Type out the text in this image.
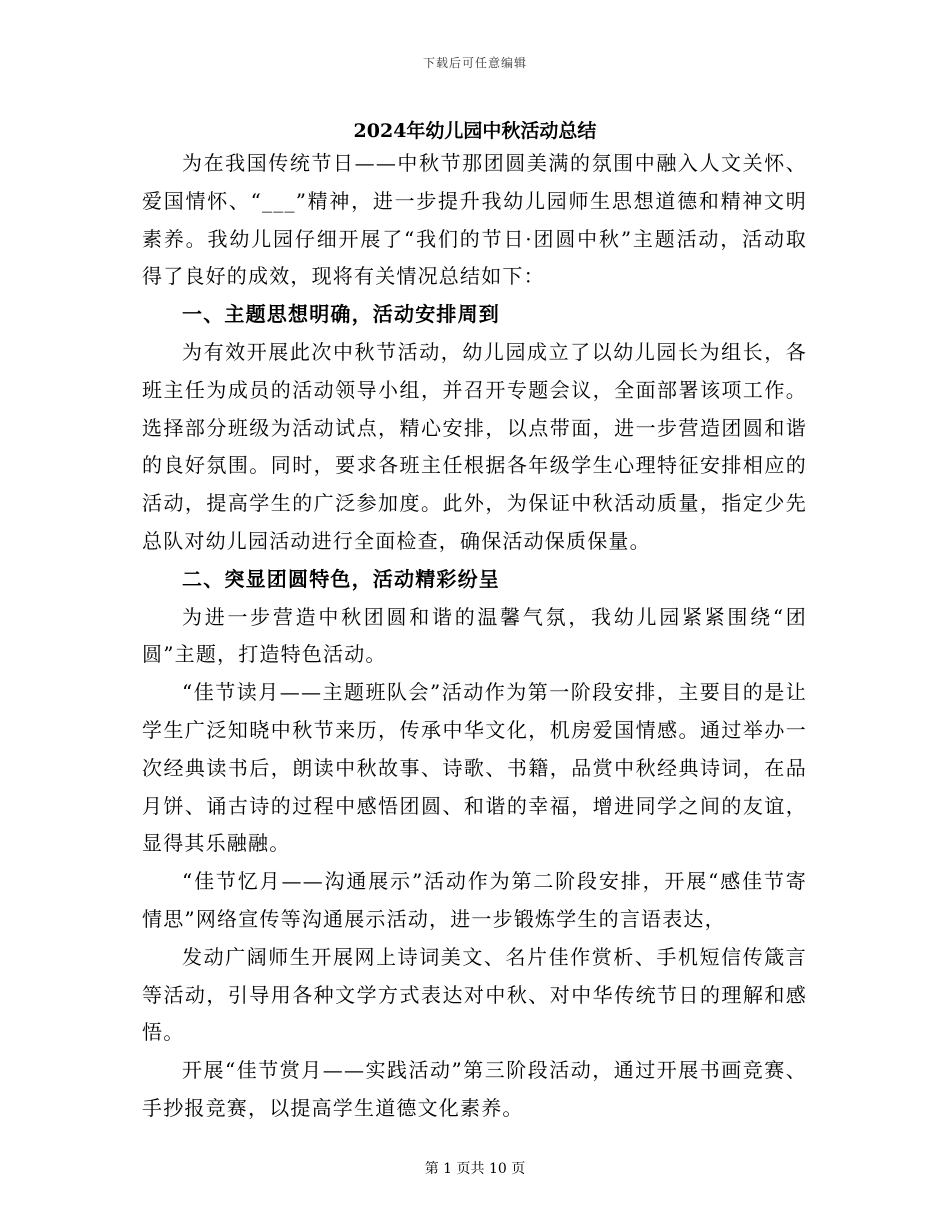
下载后可任意编辑
2024年幼儿园中秋活动总结

为在我国传统节日——中秋节那团圆美满的氛围中融入人文关怀、爱国情怀、“___”精神，进一步提升我幼儿园师生思想道德和精神文明素养。我幼儿园仔细开展了“我们的节日·团圆中秋”主题活动，活动取得了良好的成效，现将有关情况总结如下：

一、主题思想明确，活动安排周到

为有效开展此次中秋节活动，幼儿园成立了以幼儿园长为组长，各班主任为成员的活动领导小组，并召开专题会议，全面部署该项工作。选择部分班级为活动试点，精心安排，以点带面，进一步营造团圆和谐的良好氛围。同时，要求各班主任根据各年级学生心理特征安排相应的活动，提高学生的广泛参加度。此外，为保证中秋活动质量，指定少先总队对幼儿园活动进行全面检查，确保活动保质保量。

二、突显团圆特色，活动精彩纷呈

为进一步营造中秋团圆和谐的温馨气氛，我幼儿园紧紧围绕“团圆”主题，打造特色活动。

“佳节读月——主题班队会”活动作为第一阶段安排，主要目的是让学生广泛知晓中秋节来历，传承中华文化，机房爱国情感。通过举办一次经典读书后，朗读中秋故事、诗歌、书籍，品赏中秋经典诗词，在品月饼、诵古诗的过程中感悟团圆、和谐的幸福，增进同学之间的友谊，显得其乐融融。

“佳节忆月——沟通展示”活动作为第二阶段安排，开展“感佳节寄情思”网络宣传等沟通展示活动，进一步锻炼学生的言语表达，

发动广阔师生开展网上诗词美文、名片佳作赏析、手机短信传箴言等活动，引导用各种文学方式表达对中秋、对中华传统节日的理解和感悟。

开展“佳节赏月——实践活动”第三阶段活动，通过开展书画竞赛、手抄报竞赛，以提高学生道德文化素养。

第 1 页共 10 页
